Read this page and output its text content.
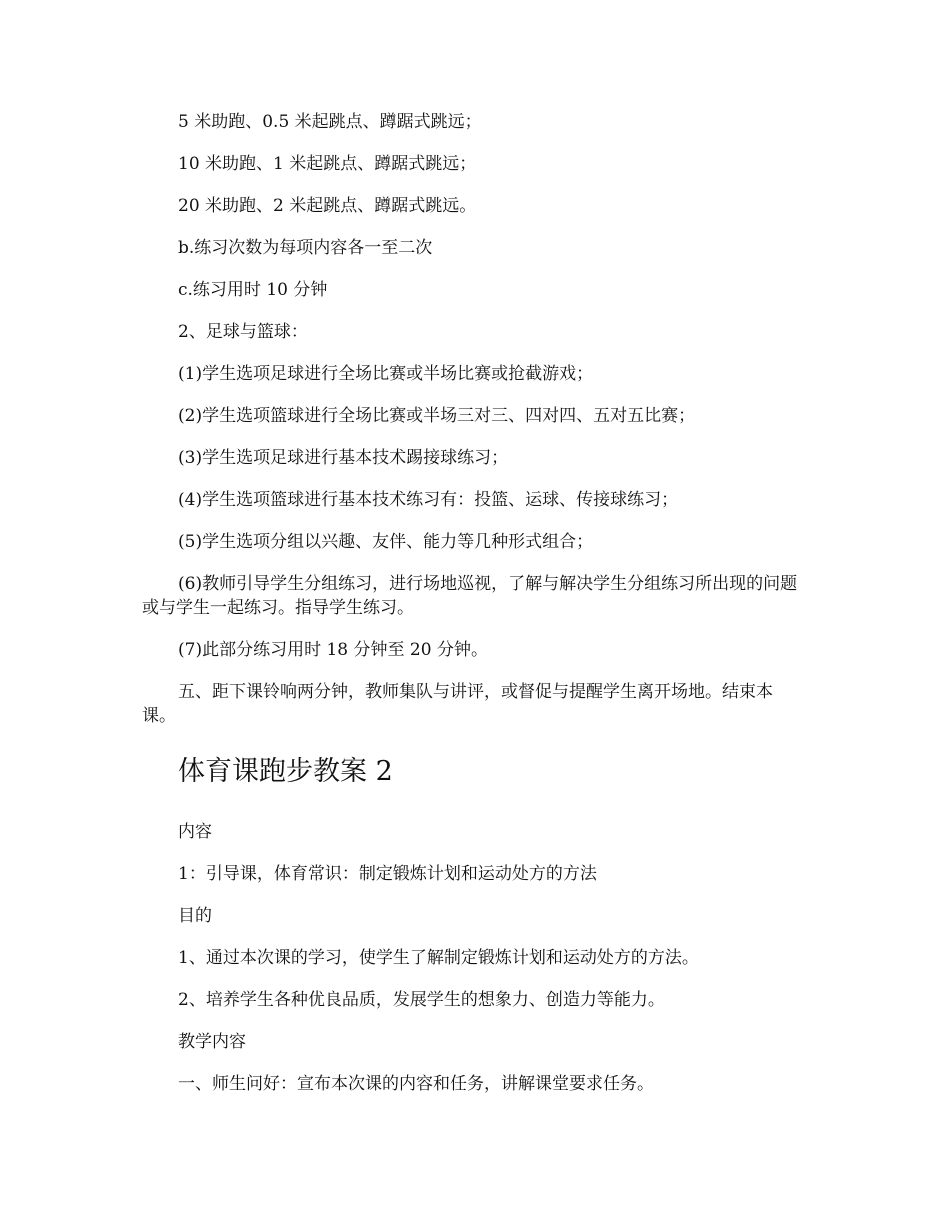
5 米助跑、0.5 米起跳点、蹲踞式跳远；

10 米助跑、1 米起跳点、蹲踞式跳远；

20 米助跑、2 米起跳点、蹲踞式跳远。

b.练习次数为每项内容各一至二次

c.练习用时 10 分钟

2、足球与篮球：

(1)学生选项足球进行全场比赛或半场比赛或抢截游戏；

(2)学生选项篮球进行全场比赛或半场三对三、四对四、五对五比赛；

(3)学生选项足球进行基本技术踢接球练习；

(4)学生选项篮球进行基本技术练习有：投篮、运球、传接球练习；

(5)学生选项分组以兴趣、友伴、能力等几种形式组合；

(6)教师引导学生分组练习，进行场地巡视，了解与解决学生分组练习所出现的问题或与学生一起练习。指导学生练习。

(7)此部分练习用时 18 分钟至 20 分钟。

五、距下课铃响两分钟，教师集队与讲评，或督促与提醒学生离开场地。结束本课。

体育课跑步教案 2

内容

1：引导课，体育常识：制定锻炼计划和运动处方的方法

目的

1、通过本次课的学习，使学生了解制定锻炼计划和运动处方的方法。

2、培养学生各种优良品质，发展学生的想象力、创造力等能力。

教学内容

一、师生问好：宣布本次课的内容和任务，讲解课堂要求任务。
